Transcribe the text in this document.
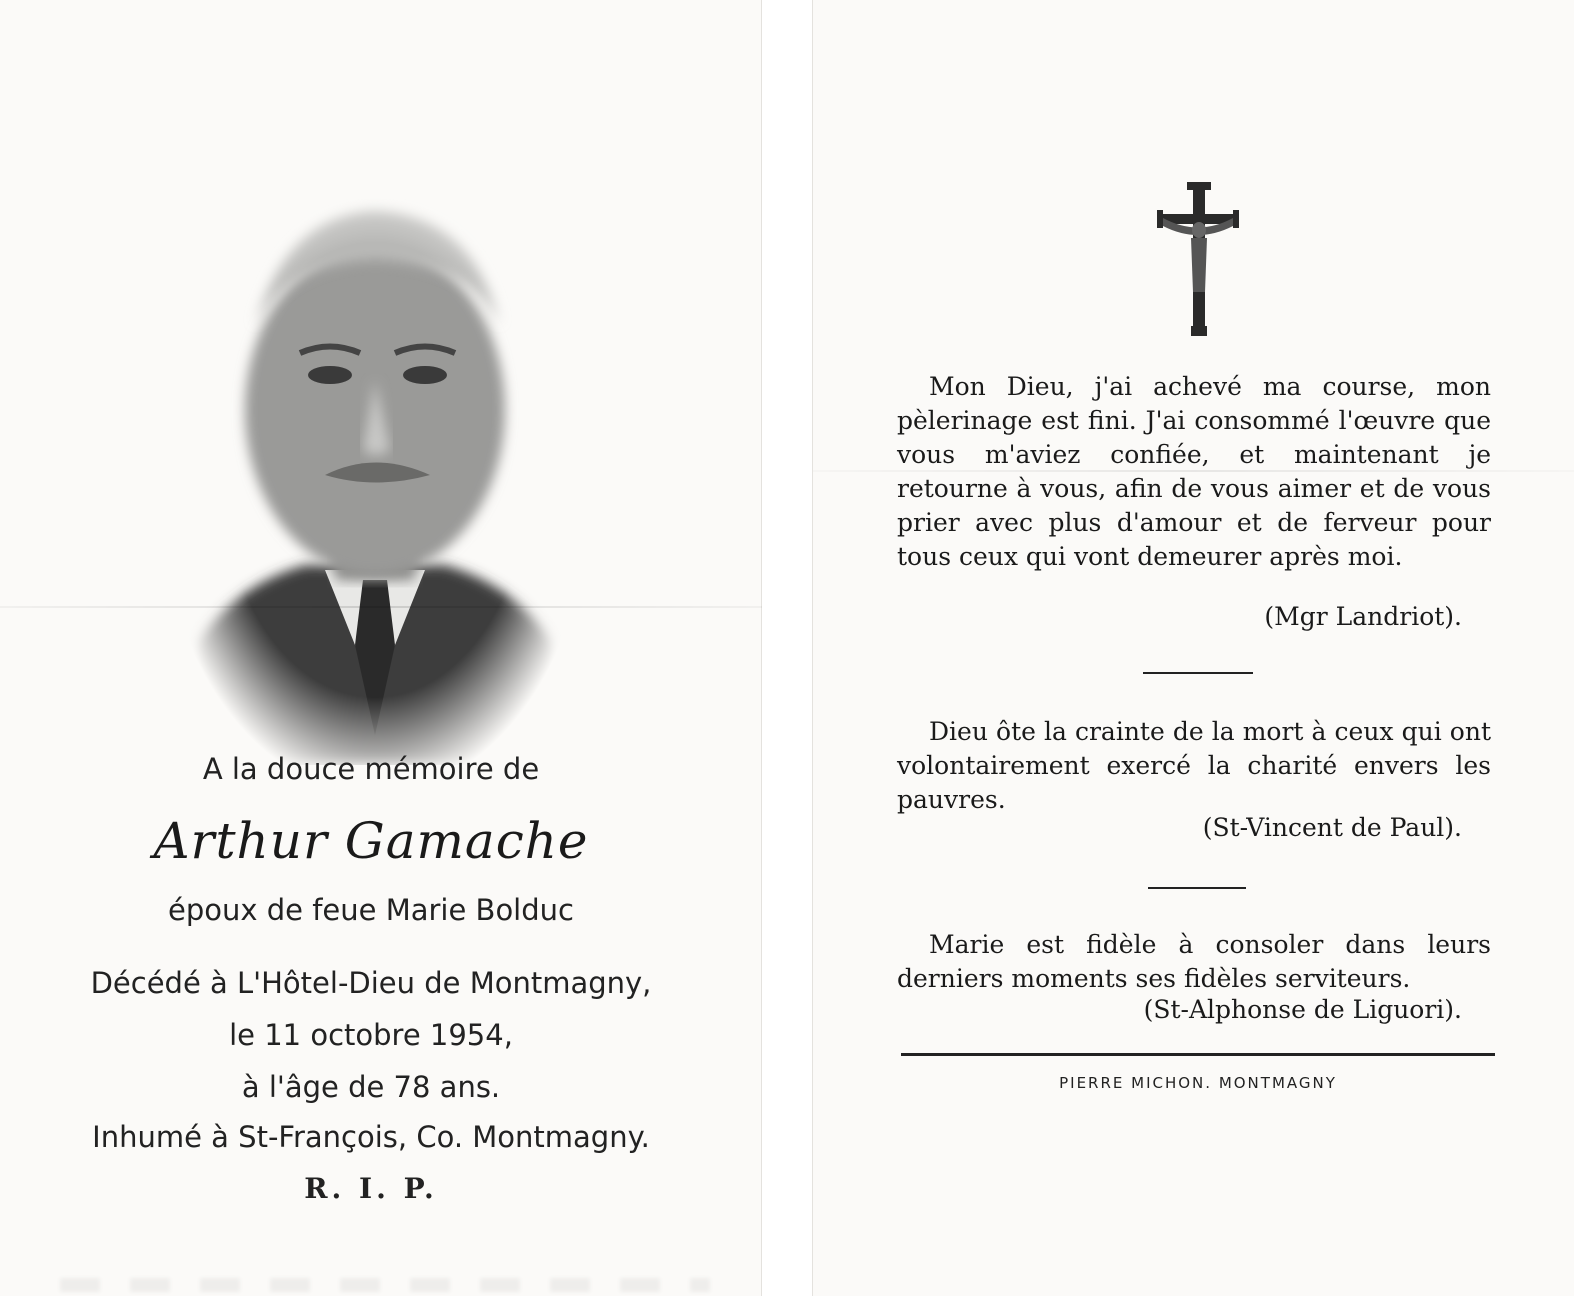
A la douce mémoire de
Arthur Gamache
époux de feue Marie Bolduc
Décédé à L'Hôtel-Dieu de Montmagny,
le 11 octobre 1954,
à l'âge de 78 ans.
Inhumé à St-François, Co. Montmagny.
R. I. P.
Mon Dieu, j'ai achevé ma course, mon pèlerinage est fini. J'ai consommé l'œuvre que vous m'aviez confiée, et maintenant je retourne à vous, afin de vous aimer et de vous prier avec plus d'amour et de ferveur pour tous ceux qui vont demeurer après moi.
(Mgr Landriot).
Dieu ôte la crainte de la mort à ceux qui ont volontairement exercé la charité envers les pauvres.
(St-Vincent de Paul).
Marie est fidèle à consoler dans leurs derniers moments ses fidèles serviteurs.
(St-Alphonse de Liguori).
PIERRE MICHON. MONTMAGNY
